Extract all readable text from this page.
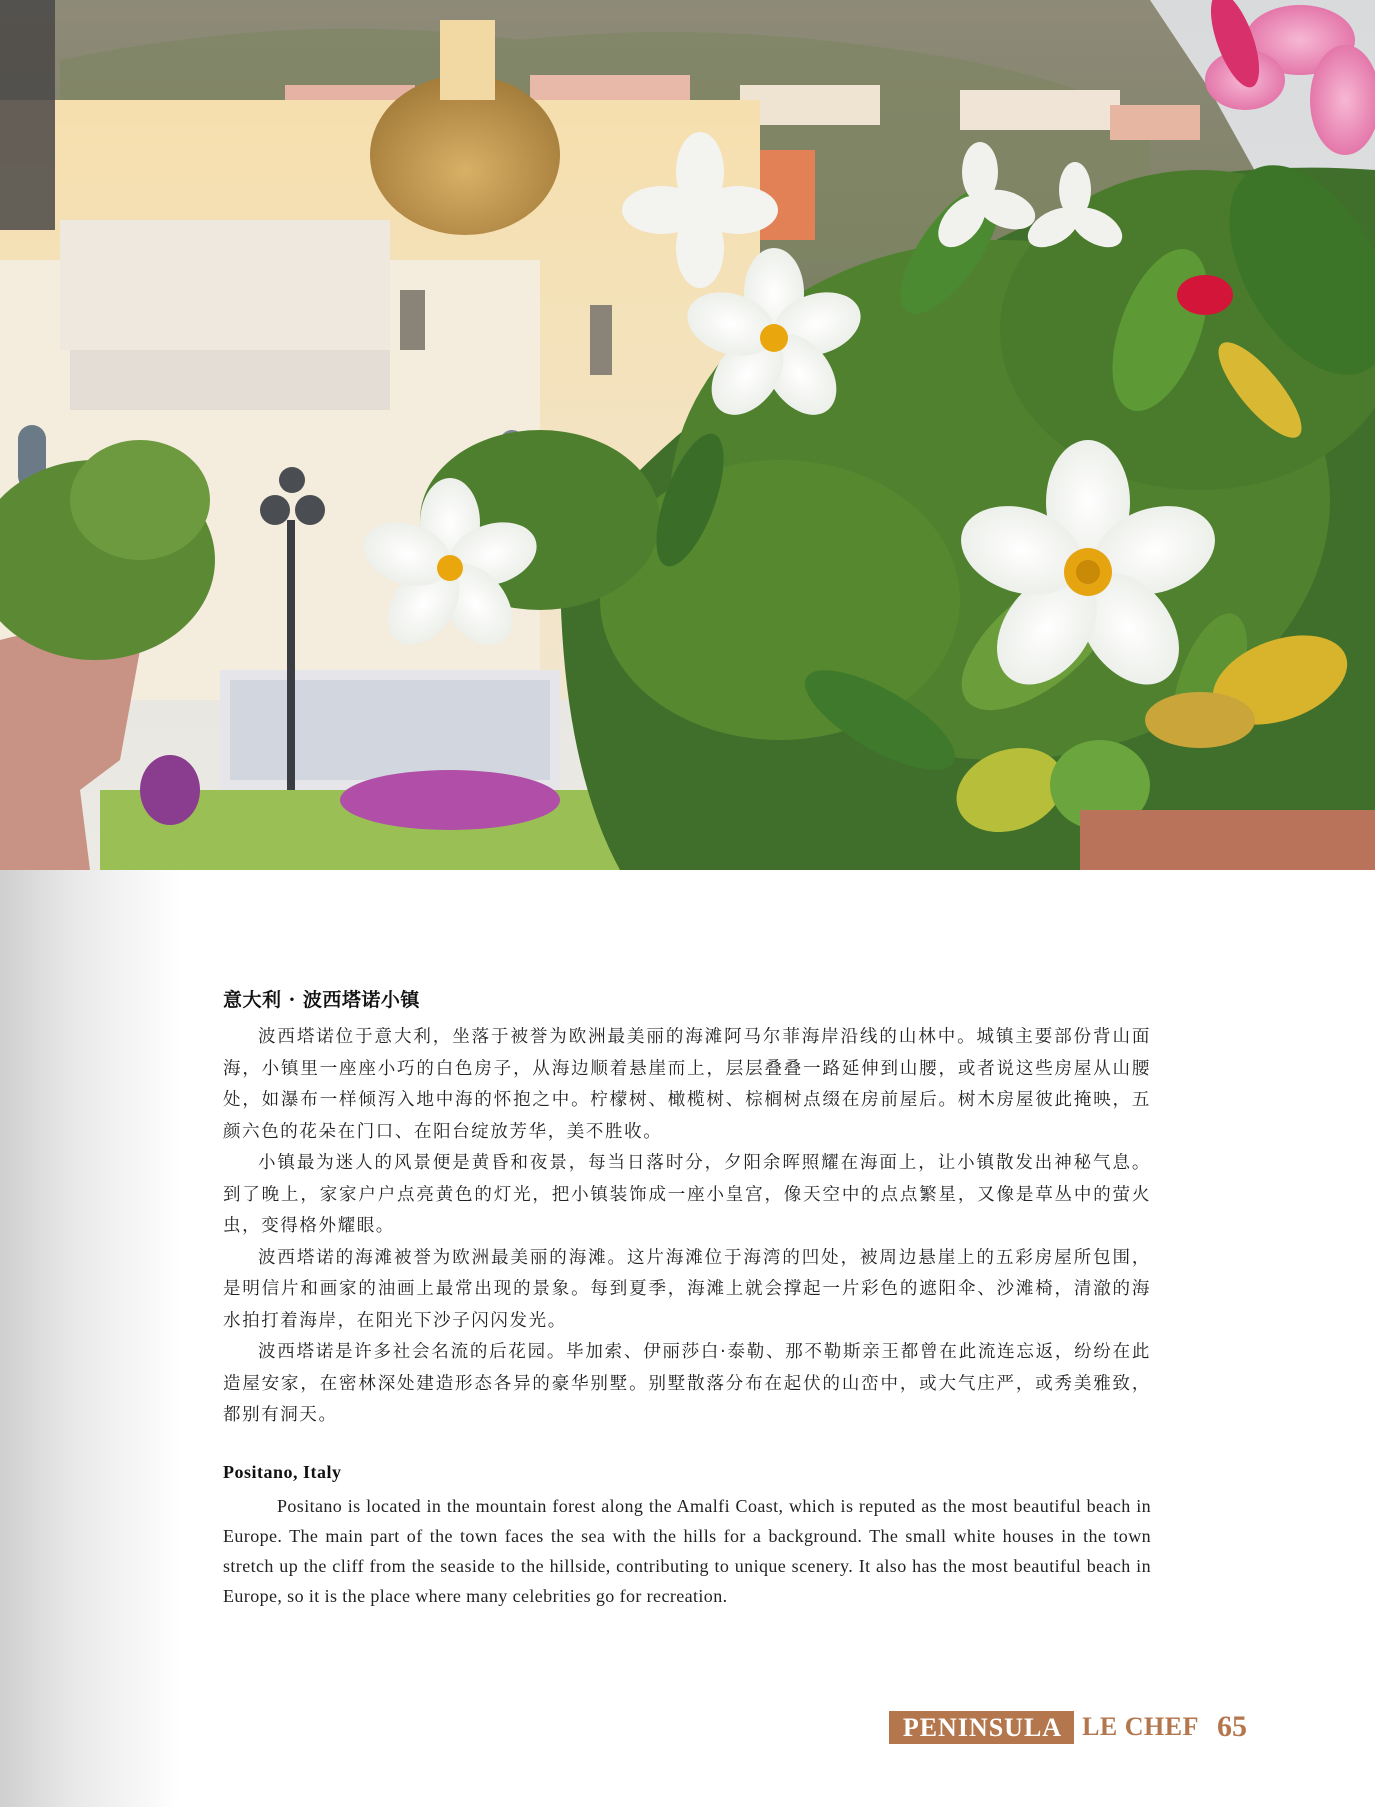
意大利 · 波西塔诺小镇

波西塔诺位于意大利，坐落于被誉为欧洲最美丽的海滩阿马尔菲海岸沿线的山林中。城镇主要部份背山面海，小镇里一座座小巧的白色房子，从海边顺着悬崖而上，层层叠叠一路延伸到山腰，或者说这些房屋从山腰处，如瀑布一样倾泻入地中海的怀抱之中。柠檬树、橄榄树、棕榈树点缀在房前屋后。树木房屋彼此掩映，五颜六色的花朵在门口、在阳台绽放芳华，美不胜收。

小镇最为迷人的风景便是黄昏和夜景，每当日落时分，夕阳余晖照耀在海面上，让小镇散发出神秘气息。到了晚上，家家户户点亮黄色的灯光，把小镇装饰成一座小皇宫，像天空中的点点繁星，又像是草丛中的萤火虫，变得格外耀眼。

波西塔诺的海滩被誉为欧洲最美丽的海滩。这片海滩位于海湾的凹处，被周边悬崖上的五彩房屋所包围，是明信片和画家的油画上最常出现的景象。每到夏季，海滩上就会撑起一片彩色的遮阳伞、沙滩椅，清澈的海水拍打着海岸，在阳光下沙子闪闪发光。

波西塔诺是许多社会名流的后花园。毕加索、伊丽莎白·泰勒、那不勒斯亲王都曾在此流连忘返，纷纷在此造屋安家，在密林深处建造形态各异的豪华别墅。别墅散落分布在起伏的山峦中，或大气庄严，或秀美雅致，都别有洞天。

Positano, Italy

Positano is located in the mountain forest along the Amalfi Coast, which is reputed as the most beautiful beach in Europe. The main part of the town faces the sea with the hills for a background. The small white houses in the town stretch up the cliff from the seaside to the hillside, contributing to unique scenery. It also has the most beautiful beach in Europe, so it is the place where many celebrities go for recreation.

PENINSULA LE CHEF 65
